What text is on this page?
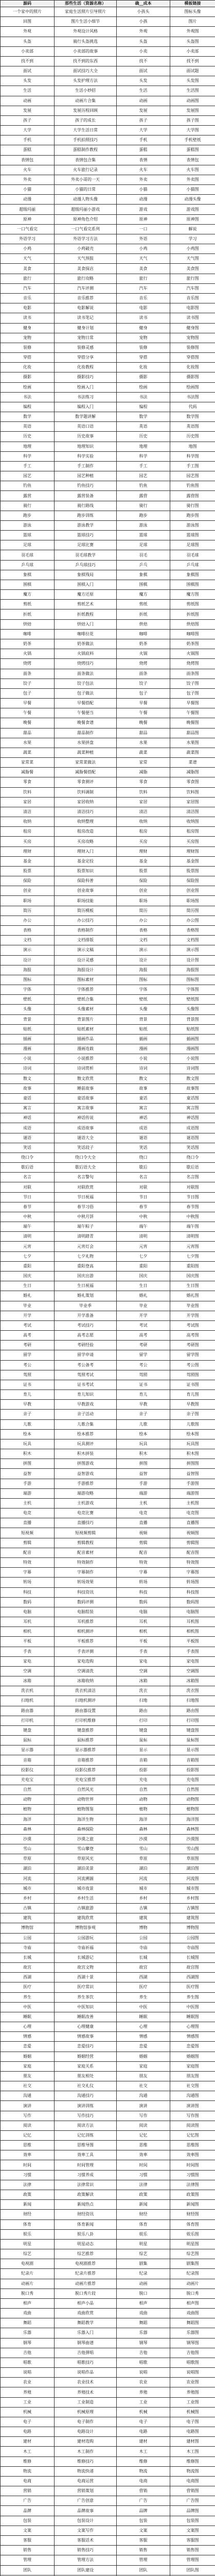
源码	那些生活（资源名称）	确__成本	模板链接
一个家中的照片	家庭生活照片引导照片	小孩头	图标头像
回图	图片生活小细节	小孩	图片
外观	外观设计风格	外观	外观图
头盔	骑行头盔挑选	头盔	头盔图
小卖部	小卖部的故事	小卖	小卖部
找不到	找不到的东西	找不	找不到
面试	面试技巧大全	面试	面试题
头发	头发护理方法	头发	头发图
生活	生活小妙招	生活	生活图
动画	动画片合集	动画	动画图
发展	发展历程回顾	发展	发展图
孩子	孩子的成长	孩子	孩子图
大学	大学生活日常	大学	大学图
手机	手机拍照技巧	手机	手机壁纸
蛋糕	蛋糕制作教程	蛋糕	蛋糕图
表情包	表情包合集	表情	表情包
火车	火车旅行记录	火车	火车图
外卖	外卖小哥的一天	外卖	外卖图
小猫	小猫的日常	小猫	小猫图
动漫	动漫人物头像	动漫	动漫头像
超级玛丽	超级玛丽小游戏	游戏	游戏图
原神	原神角色介绍	原神	原神图
一口气看完	一口气看完系列	一口	解说
外语学习	外语学习方法	外语	学习
小鸡	小鸡破壳	小鸡	小鸡图
天气	天气预报	天气	天气图
美食	美食探店	美食	美食图
旅行	旅行攻略	旅行	旅行图
汽车	汽车评测	汽车	汽车图
音乐	音乐推荐	音乐	音乐图
电影	电影解说	电影	电影图
读书	读书笔记	读书	读书图
健身	健身计划	健身	健身图
宠物	宠物日常	宠物	宠物图
装修	装修灵感	装修	装修图
穿搭	穿搭分享	穿搭	穿搭图
化妆	化妆教程	化妆	化妆图
摄影	摄影技巧	摄影	摄影图
绘画	绘画入门	绘画	绘画图
书法	书法练习	书法	书法图
编程	编程入门	编程	代码
数学	数学题讲解	数学	数学图
英语	英语口语	英语	英语图
历史	历史故事	历史	历史图
地理	地理知识	地理	地图
科学	科学实验	科学	科学图
手工	手工制作	手工	手工图
园艺	园艺种植	园艺	园艺图
钓鱼	钓鱼技巧	钓鱼	钓鱼图
露营	露营装备	露营	露营图
骑行	骑行路线	骑行	骑行图
跑步	跑步训练	跑步	跑步图
游泳	游泳教学	游泳	游泳图
篮球	篮球技巧	篮球	篮球图
足球	足球比赛	足球	足球图
羽毛球	羽毛球教学	羽毛	羽毛球
乒乓球	乒乓球技巧	乒乓	乒乓球
象棋	象棋残局	象棋	象棋图
围棋	围棋入门	围棋	围棋图
魔方	魔方还原	魔方	魔方图
剪纸	剪纸艺术	剪纸	剪纸图
折纸	折纸教程	折纸	折纸图
烘焙	烘焙入门	烘焙	烘焙图
咖啡	咖啡拉花	咖啡	咖啡图
奶茶	奶茶做法	奶茶	奶茶图
火锅	火锅底料	火锅	火锅图
烧烤	烧烤技巧	烧烤	烧烤图
面条	面条做法	面条	面条图
饺子	饺子包法	饺子	饺子图
包子	包子做法	包子	包子图
早餐	早餐搭配	早餐	早餐图
午餐	午餐便当	午餐	午餐图
晚餐	晚餐食谱	晚餐	晚餐图
甜品	甜品制作	甜品	甜品图
水果	水果拼盘	水果	水果图
蔬菜	蔬菜种植	蔬菜	蔬菜图
家常菜	家常菜做法	家常	菜谱
减脂餐	减脂餐搭配	减脂	减脂图
零食	零食测评	零食	零食图
饮料	饮料调制	饮料	饮料图
家居	家居收纳	家居	家居图
清洁	清洁技巧	清洁	清洁图
收纳	收纳整理	收纳	收纳图
租房	租房改造	租房	租房图
买房	买房攻略	买房	买房图
理财	理财入门	理财	理财图
基金	基金定投	基金	基金图
股票	股票知识	股票	股票图
保险	保险科普	保险	保险图
创业	创业故事	创业	创业图
职场	职场技能	职场	职场图
简历	简历模板	简历	简历图
办公	办公技巧	办公	办公图
表格	表格制作	表格	表格图
文档	文档排版	文档	文档图
演示	演示文稿	演示	演示图
设计	设计灵感	设计	设计图
海报	海报设计	海报	海报图
图标	图标素材	图标	图标图
字体	字体推荐	字体	字体图
壁纸	壁纸合集	壁纸	壁纸图
头像	头像素材	头像	头像图
背景	背景图片	背景	背景图
贴纸	贴纸素材	贴纸	贴纸图
插画	插画作品	插画	插画图
漫画	漫画连载	漫画	漫画图
小说	小说推荐	小说	小说图
诗词	诗词赏析	诗词	诗词图
散文	散文欣赏	散文	散文图
故事	睡前故事	故事	故事图
童话	童话故事	童话	童话图
寓言	寓言故事	寓言	寓言图
神话	神话传说	神话	神话图
成语	成语故事	成语	成语图
谜语	谜语大全	谜语	谜语图
笑话	笑话段子	笑话	笑话图
绕口令	绕口令大全	绕口	绕口令
歇后语	歇后语大全	歇后	歇后语
名言	名言警句	名言	名言图
对联	对联欣赏	对联	对联图
节日	节日祝福	节日	节日图
春节	春节习俗	春节	春节图
中秋	中秋月饼	中秋	中秋图
端午	端午粽子	端午	端午图
清明	清明踏青	清明	清明图
元宵	元宵灯会	元宵	元宵图
七夕	七夕礼物	七夕	七夕图
重阳	重阳登高	重阳	重阳图
国庆	国庆出游	国庆	国庆图
生日	生日祝福	生日	生日图
婚礼	婚礼策划	婚礼	婚礼图
毕业	毕业季	毕业	毕业图
开学	开学准备	开学	开学图
考试	考试技巧	考试	考试图
高考	高考志愿	高考	高考图
考研	考研经验	考研	考研图
留学	留学申请	留学	留学图
考公	考公备考	考公	考公图
驾照	驾照考试	驾照	驾照图
证书	证书考试	证书	证书图
育儿	育儿知识	育儿	育儿图
早教	早教游戏	早教	早教图
亲子	亲子活动	亲子	亲子图
儿歌	儿歌合集	儿歌	儿歌图
绘本	绘本推荐	绘本	绘本图
玩具	玩具测评	玩具	玩具图
积木	积木拼装	积木	积木图
拼图	拼图游戏	拼图	拼图图
益智	益智游戏	益智	益智图
手游	手游推荐	手游	手游图
端游	端游攻略	端游	端游图
主机	主机游戏	主机	主机图
电竞	电竞比赛	电竞	电竞图
直播	直播技巧	直播	直播图
短视频	短视频剪辑	视频	视频图
剪辑	剪辑教程	剪辑	剪辑图
配音	配音素材	配音	配音图
特效	特效制作	特效	特效图
字幕	字幕制作	字幕	字幕图
转场	转场效果	转场	转场图
科技	科技资讯	科技	科技图
数码	数码评测	数码	数码图
电脑	电脑组装	电脑	电脑图
耳机	耳机推荐	耳机	耳机图
相机	相机测评	相机	相机图
平板	平板推荐	平板	平板图
手表	手表评测	手表	手表图
家电	家电选购	家电	家电图
空调	空调清洗	空调	空调图
冰箱	冰箱收纳	冰箱	冰箱图
洗衣机	洗衣机清洁	洗衣	洗衣图
扫地机	扫地机测评	扫地	扫地图
路由器	路由器设置	路由	路由图
打印机	打印机维修	打印	打印图
键盘	键盘推荐	键盘	键盘图
鼠标	鼠标推荐	鼠标	鼠标图
显示器	显示器推荐	显示	显示图
音箱	音箱推荐	音箱	音箱图
投影仪	投影仪推荐	投影	投影图
充电宝	充电宝推荐	充电	充电图
自然	自然风光	自然	自然图
动物	动物世界	动物	动物图
植物	植物图鉴	植物	植物图
海洋	海洋生物	海洋	海洋图
森林	森林探险	森林	森林图
沙漠	沙漠之旅	沙漠	沙漠图
雪山	雪山攀登	雪山	雪山图
草原	草原风光	草原	草原图
湖泊	湖泊美景	湖泊	湖泊图
河流	河流溯源	河流	河流图
城市	城市夜景	城市	城市图
乡村	乡村生活	乡村	乡村图
古镇	古镇旅游	古镇	古镇图
建筑	建筑欣赏	建筑	建筑图
博物馆	博物馆参观	博物	博物图
公园	公园游玩	公园	公园图
寺庙	寺庙祈福	寺庙	寺庙图
长城	长城游记	长城	长城图
故宫	故宫文物	故宫	故宫图
西湖	西湖十景	西湖	西湖图
医疗	医疗常识	医疗	医疗图
养生	养生茶饮	养生	养生图
中医	中医知识	中医	中医图
睡眠	睡眠改善	睡眠	睡眠图
心理	心理健康	心理	心理图
情感	情感故事	情感	情感图
恋爱	恋爱技巧	恋爱	恋爱图
婚姻	婚姻经营	婚姻	婚姻图
家庭	家庭关系	家庭	家庭图
朋友	朋友相处	朋友	朋友图
社交	社交礼仪	社交	社交图
沟通	沟通技巧	沟通	沟通图
演讲	演讲训练	演讲	演讲图
写作	写作技巧	写作	写作图
阅读	阅读方法	阅读	阅读图
记忆	记忆训练	记忆	记忆图
思维	思维导图	思维	思维图
效率	效率工具	效率	效率图
时间	时间管理	时间	时间图
习惯	习惯养成	习惯	习惯图
法律	法律常识	法律	法律图
政策	政策解读	政策	政策图
新闻	新闻热点	新闻	新闻图
财经	财经资讯	财经	财经图
体育	体育新闻	体育	体育图
娱乐	娱乐八卦	娱乐	娱乐图
明星	明星动态	明星	明星图
综艺	综艺推荐	综艺	综艺图
电视剧	电视剧推荐	剧集	剧集图
纪录片	纪录片推荐	纪录	纪录图
动画片	动画片推荐	动画	动画片
脱口秀	脱口秀片段	脱口	脱口秀
相声	相声小品	相声	相声图
戏曲	戏曲欣赏	戏曲	戏曲图
舞蹈	舞蹈教学	舞蹈	舞蹈图
乐器	乐器入门	乐器	乐器图
钢琴	钢琴曲谱	钢琴	钢琴图
吉他	吉他弹唱	吉他	吉他图
唱歌	唱歌技巧	唱歌	唱歌图
说唱	说唱作品	说唱	说唱图
农业	农业技术	农业	农业图
养殖	养殖技术	养殖	养殖图
工业	工业制造	工业	工业图
机械	机械原理	机械	机械图
电子	电子制作	电子	电子图
电路	电路设计	电路	电路图
建材	建材选购	建材	建材图
木工	木工制作	木工	木工图
维修	维修技巧	维修	维修图
物流	物流快递	物流	物流图
电商	电商运营	电商	电商图
营销	营销策划	营销	营销图
广告	广告创意	广告	广告图
品牌	品牌故事	品牌	品牌图
包装	包装设计	包装	包装图
文案	文案写作	文案	文案图
客服	客服话术	客服	客服图
销售	销售技巧	销售	销售图
管理	管理方法	管理	管理图
团队	团队建设	团队	团队图
